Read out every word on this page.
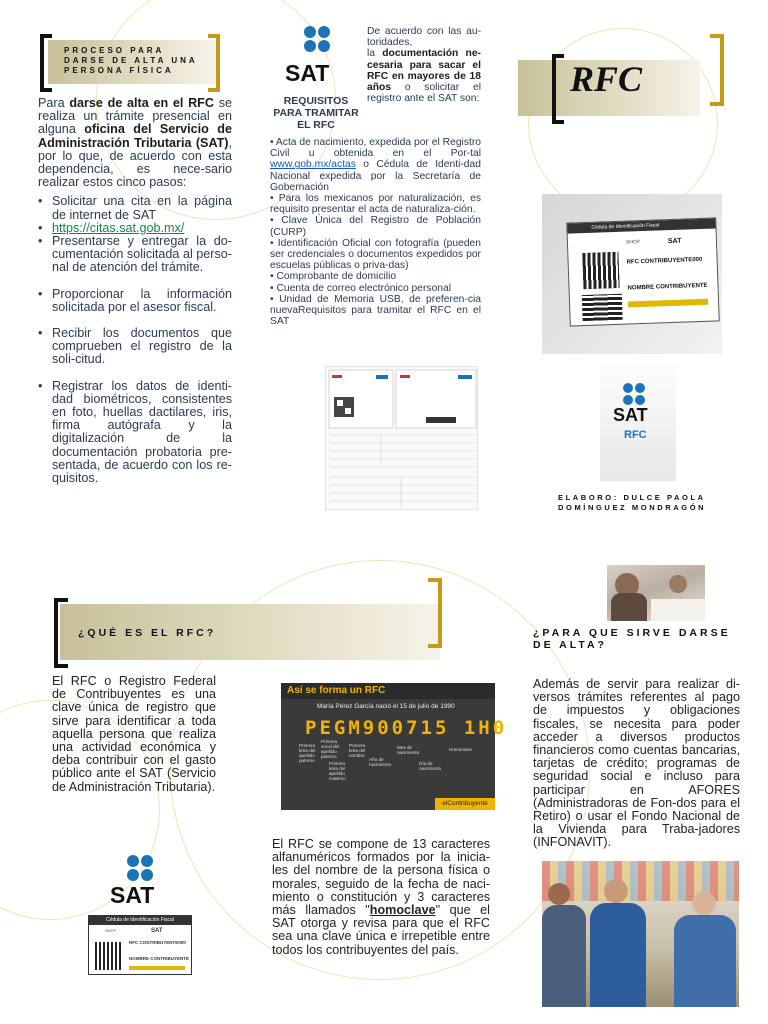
PROCESO PARA DARSE DE ALTA UNA PERSONA FÍSICA

Para darse de alta en el RFC se realiza un trámite presencial en alguna oficina del Servicio de Administración Tributaria (SAT), por lo que, de acuerdo con esta dependencia, es nece-sario realizar estos cinco pasos:

• Solicitar una cita en la página de internet de SAT
• https://citas.sat.gob.mx/
• Presentarse y entregar la do-cumentación solicitada al perso-nal de atención del trámite.
• Proporcionar la información solicitada por el asesor fiscal.
• Recibir los documentos que comprueben el registro de la soli-citud.
• Registrar los datos de identi-dad biométricos, consistentes en foto, huellas dactilares, iris, firma autógrafa y la digitalización de la documentación probatoria pre-sentada, de acuerdo con los re-quisitos.
SAT
REQUISITOS PARA TRAMITAR EL RFC
De acuerdo con las au-toridades,
la documentación ne-cesaria para sacar el RFC en mayores de 18 años o solicitar el registro ante el SAT son:
• Acta de nacimiento, expedida por el Registro Civil u obtenida en el Por-tal www.gob.mx/actas o Cédula de Identi-dad Nacional expedida por la Secretaría de Gobernación
• Para los mexicanos por naturalización, es requisito presentar el acta de naturaliza-ción.
• Clave Única del Registro de Población (CURP)
• Identificación Oficial con fotografía (pueden ser credenciales o documentos expedidos por escuelas públicas o priva-das)
• Comprobante de domicilio
• Cuenta de correo electrónico personal
• Unidad de Memoria USB, de preferen-cia nuevaRequisitos para tramitar el RFC en el SAT
RFC
Cédula de Identificación Fiscal
SHCP	SAT
RFC CONTRIBUYENTE000
NOMBRE CONTRIBUYENTE
SAT
RFC
ELABORO: DULCE PAOLA DOMÍNGUEZ MONDRAGÓN
¿QUÉ ES EL RFC?

El RFC o Registro Federal de Contribuyentes es una clave única de registro que sirve para identificar a toda aquella persona que realiza una actividad económica y deba contribuir con el gasto público ante el SAT (Servicio de Administración Tributaria).

SAT
Cédula de Identificación Fiscal
SHCP	SAT
RFC CONTRIBUYENTE000
NOMBRE CONTRIBUYENTE
Así se forma un RFC
María Pérez García nació el 15 de julio de 1990
PEGM900715 1H0
Primera letra del apellido paterno
Primera vocal del apellido paterno
Primera letra del apellido materno
Primera letra del nombre
Año de nacimiento
Mes de nacimiento
Día de nacimiento
Homoclave
elContribuyente

El RFC se compone de 13 caracteres alfanuméricos formados por la inicia-les del nombre de la persona física o morales, seguido de la fecha de naci-miento o constitución y 3 caracteres más llamados "homoclave" que el SAT otorga y revisa para que el RFC sea una clave única e irrepetible entre todos los contribuyentes del país.

¿PARA QUE SIRVE DARSE DE ALTA?

Además de servir para realizar di-versos trámites referentes al pago de impuestos y obligaciones fiscales, se necesita para poder acceder a diversos productos financieros como cuentas bancarias, tarjetas de crédito; programas de seguridad social e incluso para participar en AFORES (Administradoras de Fon-dos para el Retiro) o usar el Fondo Nacional de la Vivienda para Traba-jadores (INFONAVIT).
